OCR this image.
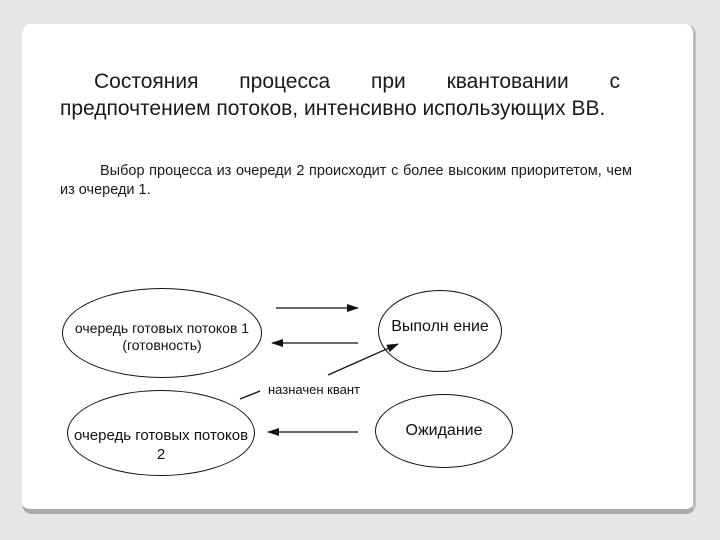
Состояния процесса при квантовании с предпочтением потоков, интенсивно использующих ВВ.
Выбор процесса из очереди 2 происходит с более высоким приоритетом, чем из очереди 1.
очередь готовых потоков 1 (готовность)
очередь готовых потоков 2
Выполн ение
Ожидание
назначен квант
